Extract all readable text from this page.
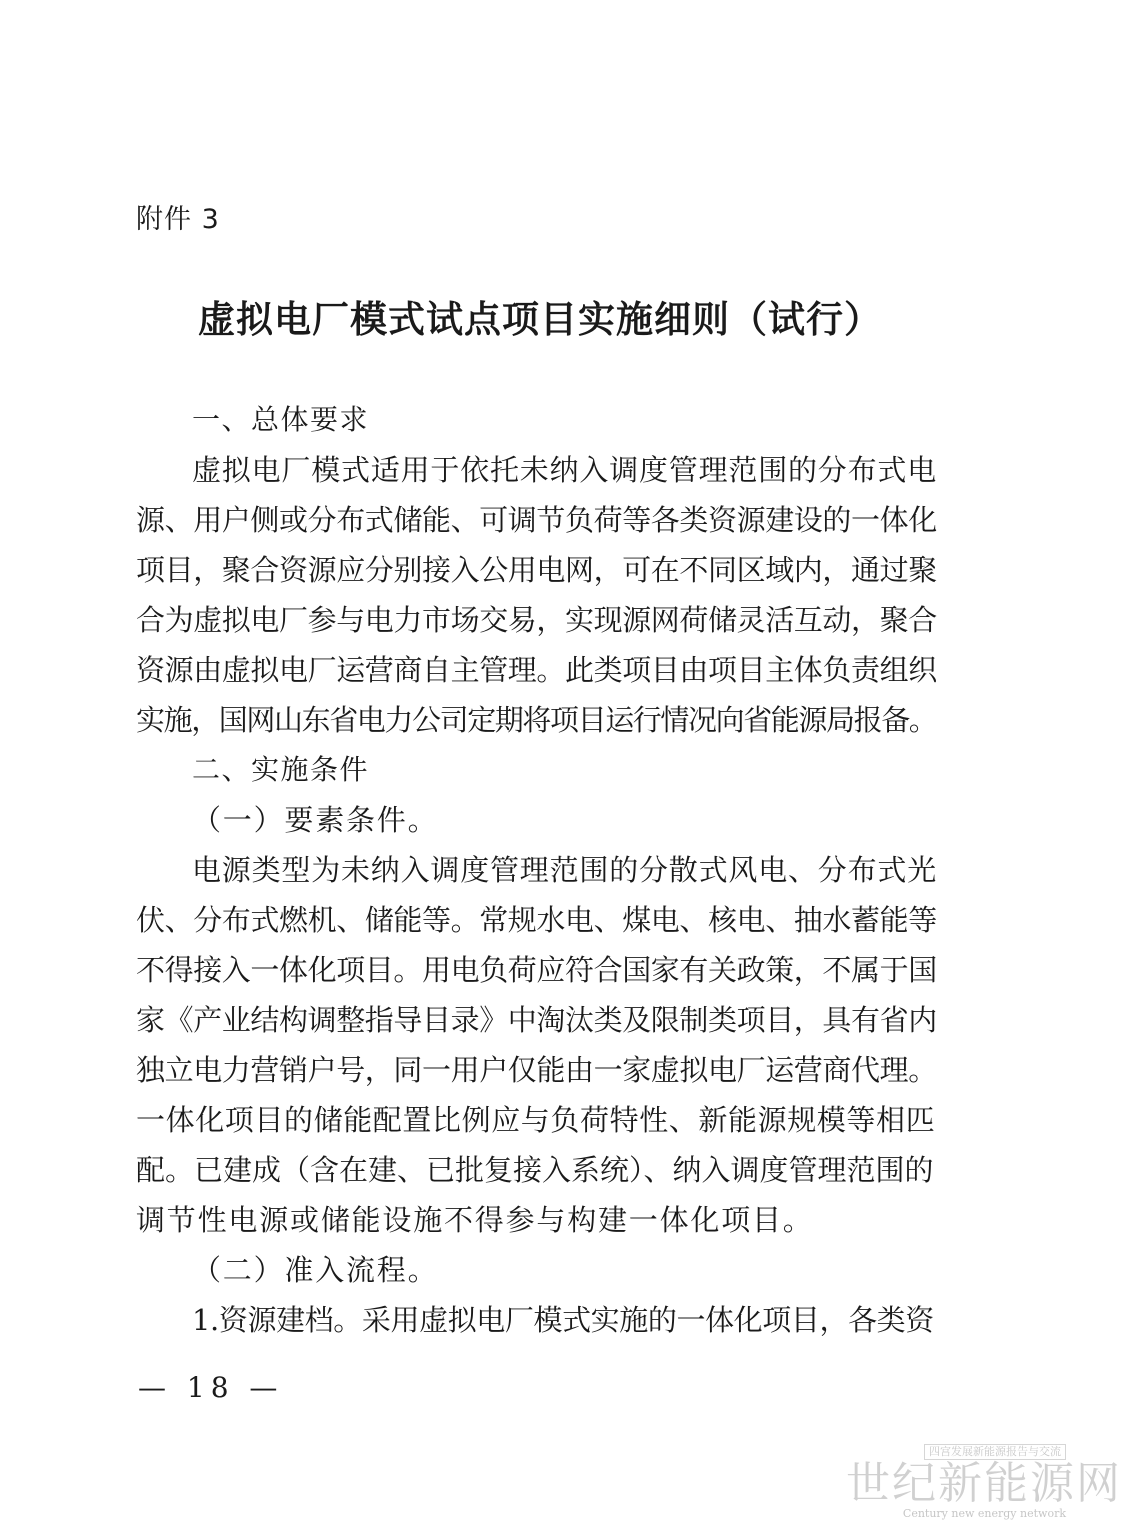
附件 3
虚拟电厂模式试点项目实施细则（试行）
一、总体要求
虚拟电厂模式适用于依托未纳入调度管理范围的分布式电
源、用户侧或分布式储能、可调节负荷等各类资源建设的一体化
项目，聚合资源应分别接入公用电网，可在不同区域内，通过聚
合为虚拟电厂参与电力市场交易，实现源网荷储灵活互动，聚合
资源由虚拟电厂运营商自主管理。此类项目由项目主体负责组织
实施，国网山东省电力公司定期将项目运行情况向省能源局报备。
二、实施条件
（一）要素条件。
电源类型为未纳入调度管理范围的分散式风电、分布式光
伏、分布式燃机、储能等。常规水电、煤电、核电、抽水蓄能等
不得接入一体化项目。用电负荷应符合国家有关政策，不属于国
家《产业结构调整指导目录》中淘汰类及限制类项目，具有省内
独立电力营销户号，同一用户仅能由一家虚拟电厂运营商代理。
一体化项目的储能配置比例应与负荷特性、新能源规模等相匹
配。已建成（含在建、已批复接入系统）、纳入调度管理范围的
调节性电源或储能设施不得参与构建一体化项目。
（二）准入流程。
1.资源建档。采用虚拟电厂模式实施的一体化项目，各类资
— 18 —
四宫发展新能源报告与交流
世纪新能源网
Century new energy network
